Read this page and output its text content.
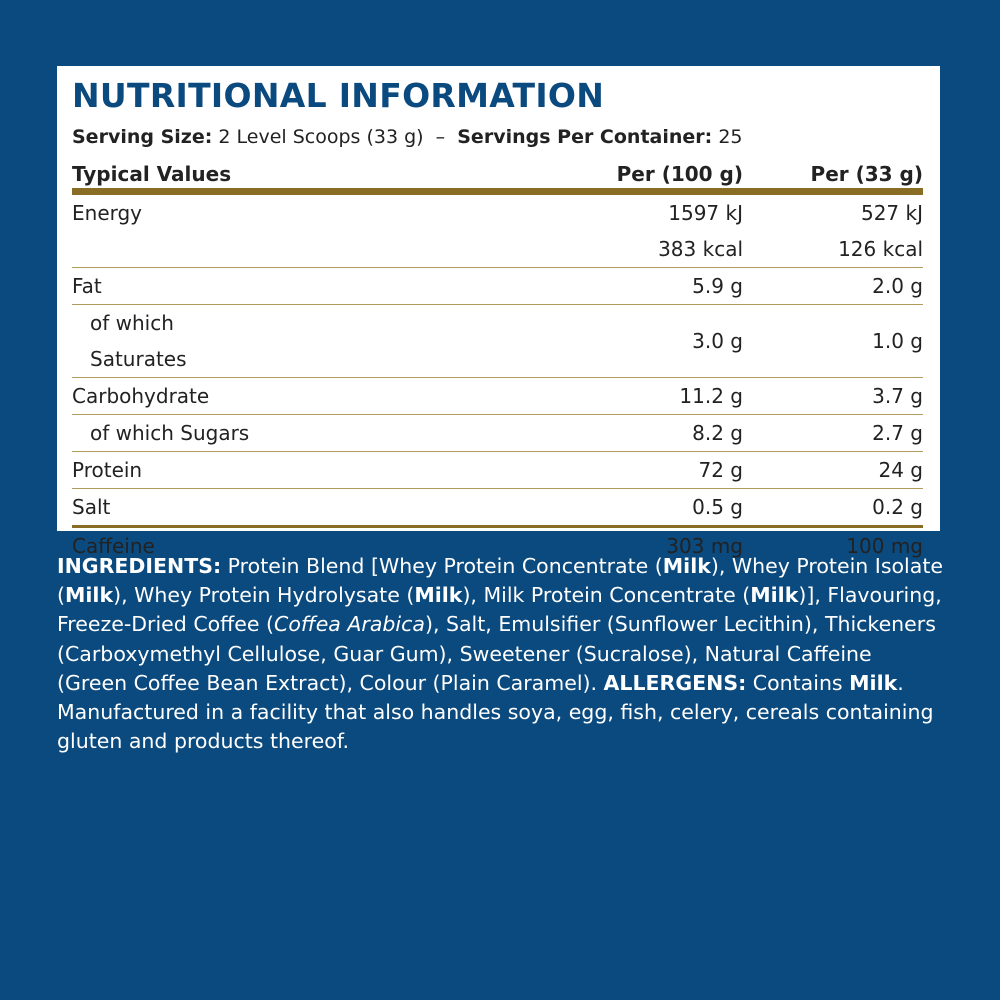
NUTRITIONAL INFORMATION
Serving Size: 2 Level Scoops (33 g) – Servings Per Container: 25
Typical Values	Per (100 g)	Per (33 g)
Energy	1597 kJ	527 kJ
	383 kcal	126 kcal
Fat	5.9 g	2.0 g
of which Saturates	3.0 g	1.0 g
Carbohydrate	11.2 g	3.7 g
of which Sugars	8.2 g	2.7 g
Protein	72 g	24 g
Salt	0.5 g	0.2 g
Caffeine	303 mg	100 mg
INGREDIENTS: Protein Blend [Whey Protein Concentrate (Milk), Whey Protein Isolate (Milk), Whey Protein Hydrolysate (Milk), Milk Protein Concentrate (Milk)], Flavouring, Freeze-Dried Coffee (Coffea Arabica), Salt, Emulsifier (Sunflower Lecithin), Thickeners (Carboxymethyl Cellulose, Guar Gum), Sweetener (Sucralose), Natural Caffeine (Green Coffee Bean Extract), Colour (Plain Caramel). ALLERGENS: Contains Milk. Manufactured in a facility that also handles soya, egg, fish, celery, cereals containing gluten and products thereof.
